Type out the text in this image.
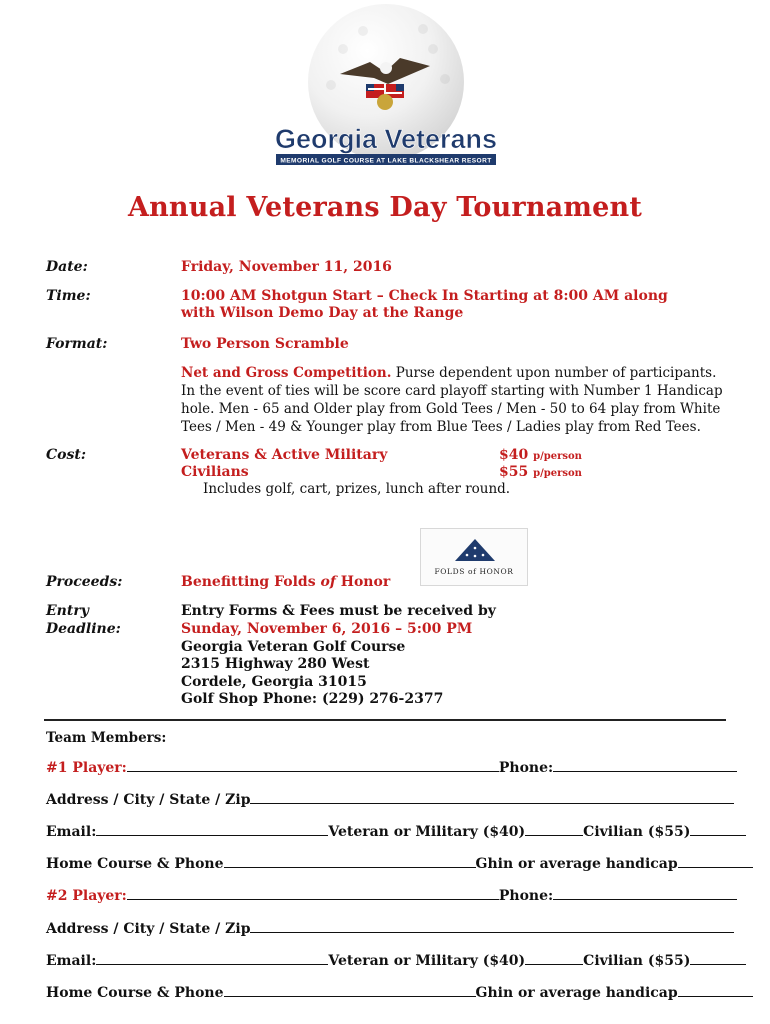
Georgia Veterans
MEMORIAL GOLF COURSE AT LAKE BLACKSHEAR RESORT
Annual Veterans Day Tournament
Date:	Friday, November 11, 2016
Time:	10:00 AM Shotgun Start – Check In Starting at 8:00 AM along
with Wilson Demo Day at the Range
Format:	Two Person Scramble
Net and Gross Competition. Purse dependent upon number of participants. In the event of ties will be score card playoff starting with Number 1 Handicap hole. Men - 65 and Older play from Gold Tees / Men - 50 to 64 play from White Tees / Men - 49 & Younger play from Blue Tees / Ladies play from Red Tees.
Cost:	Veterans & Active Military	$40 p/person
Civilians	$55 p/person
Includes golf, cart, prizes, lunch after round.
FOLDS of HONOR
Proceeds:	Benefitting Folds of Honor
Entry
Deadline:
Entry Forms & Fees must be received by
Sunday, November 6, 2016 – 5:00 PM
Georgia Veteran Golf Course
2315 Highway 280 West
Cordele, Georgia 31015
Golf Shop Phone: (229) 276-2377
Team Members:
#1 Player:	Phone:
Address / City / State / Zip
Email:	Veteran or Military ($40)	Civilian ($55)
Home Course & Phone	Ghin or average handicap
#2 Player:	Phone:
Address / City / State / Zip
Email:	Veteran or Military ($40)	Civilian ($55)
Home Course & Phone	Ghin or average handicap
